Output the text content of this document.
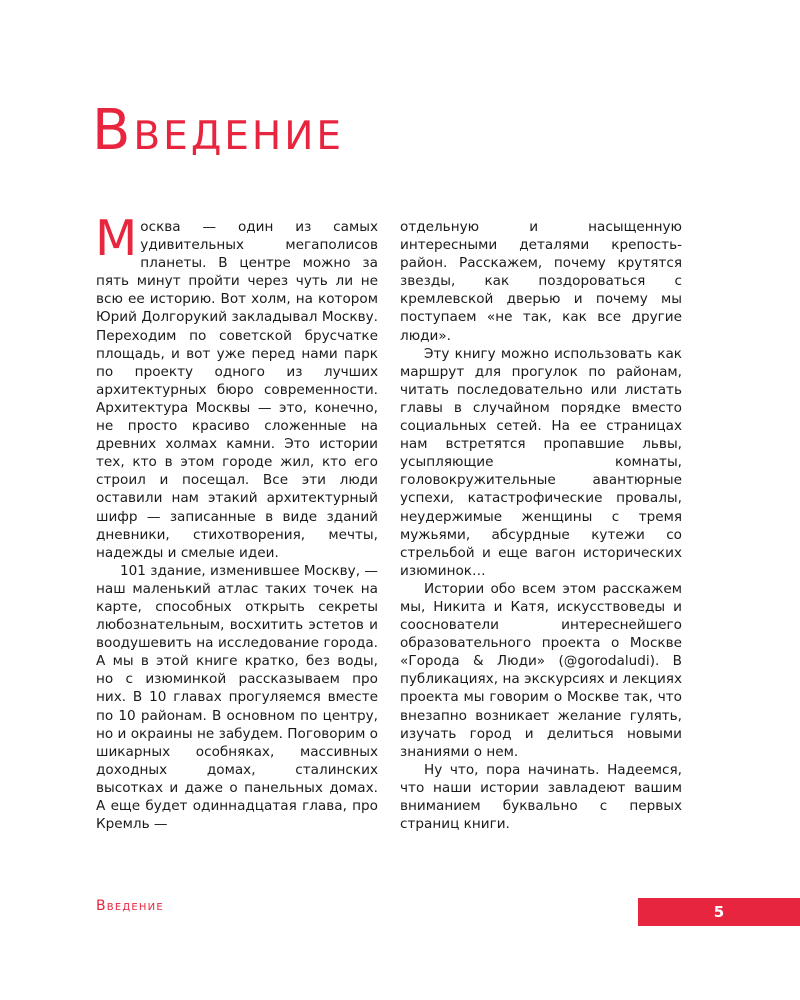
Введение

Москва — один из самых удивительных мегаполисов планеты. В центре можно за пять минут пройти через чуть ли не всю ее историю. Вот холм, на котором Юрий Долгорукий закладывал Москву. Переходим по советской брусчатке площадь, и вот уже перед нами парк по проекту одного из лучших архитектурных бюро современности. Архитектура Москвы — это, конечно, не просто красиво сложенные на древних холмах камни. Это истории тех, кто в этом городе жил, кто его строил и посещал. Все эти люди оставили нам этакий архитектурный шифр — записанные в виде зданий дневники, стихотворения, мечты, надежды и смелые идеи.

101 здание, изменившее Москву, — наш маленький атлас таких точек на карте, способных открыть секреты любознательным, восхитить эстетов и воодушевить на исследование города. А мы в этой книге кратко, без воды, но с изюминкой рассказываем про них. В 10 главах прогуляемся вместе по 10 районам. В основном по центру, но и окраины не забудем. Поговорим о шикарных особняках, массивных доходных домах, сталинских высотках и даже о панельных домах. А еще будет одиннадцатая глава, про Кремль —

отдельную и насыщенную интересными деталями крепость-район. Расскажем, почему крутятся звезды, как поздороваться с кремлевской дверью и почему мы поступаем «не так, как все другие люди».

Эту книгу можно использовать как маршрут для прогулок по районам, читать последовательно или листать главы в случайном порядке вместо социальных сетей. На ее страницах нам встретятся пропавшие львы, усыпляющие комнаты, головокружительные авантюрные успехи, катастрофические провалы, неудержимые женщины с тремя мужьями, абсурдные кутежи со стрельбой и еще вагон исторических изюминок…

Истории обо всем этом расскажем мы, Никита и Катя, искусствоведы и сооснователи интереснейшего образовательного проекта о Москве «Города & Люди» (@gorodaludi). В публикациях, на экскурсиях и лекциях проекта мы говорим о Москве так, что внезапно возникает желание гулять, изучать город и делиться новыми знаниями о нем.

Ну что, пора начинать. Надеемся, что наши истории завладеют вашим вниманием буквально с первых страниц книги.

Введение	5
